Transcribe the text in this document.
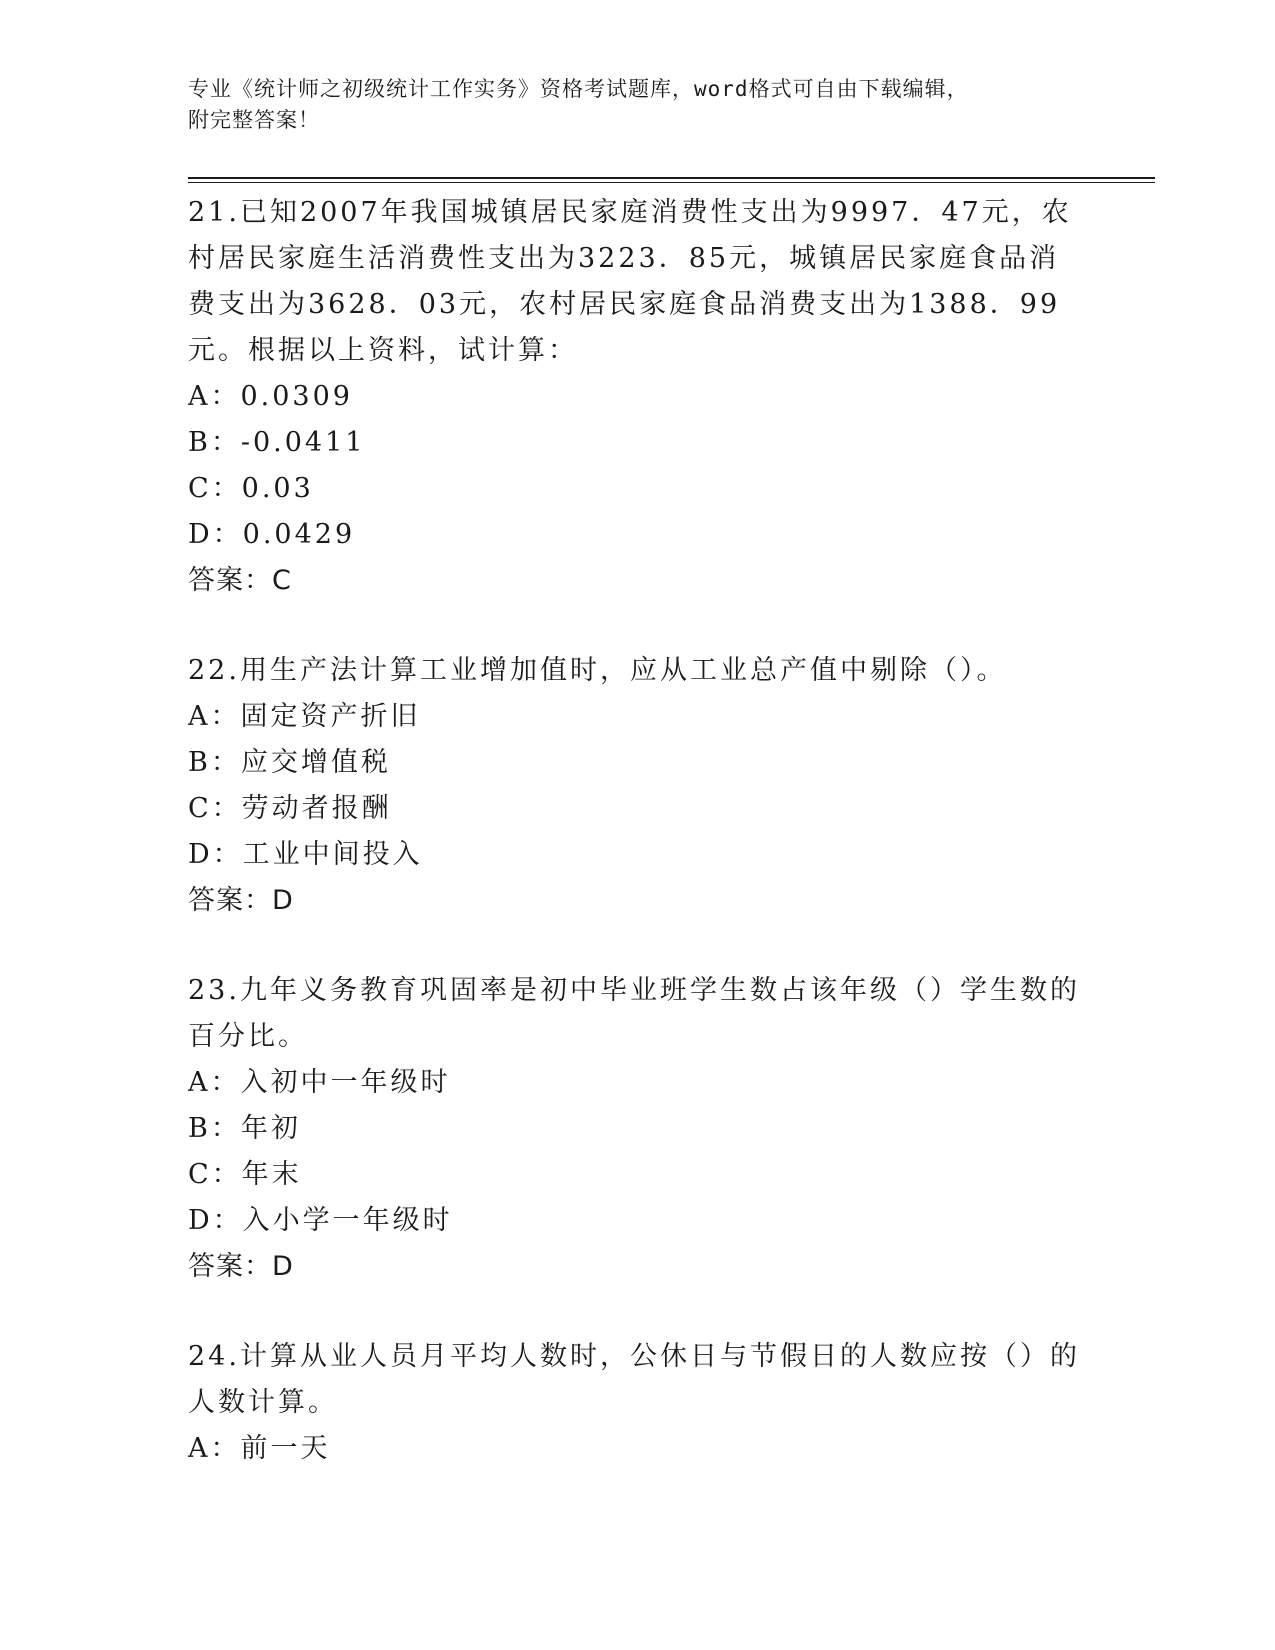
专业《统计师之初级统计工作实务》资格考试题库，word格式可自由下载编辑，
附完整答案！

21.已知2007年我国城镇居民家庭消费性支出为9997．47元，农村居民家庭生活消费性支出为3223．85元，城镇居民家庭食品消费支出为3628．03元，农村居民家庭食品消费支出为1388．99元。根据以上资料，试计算：

A：0.0309

B：-0.0411

C：0.03

D：0.0429

答案：C

22.用生产法计算工业增加值时，应从工业总产值中剔除（）。

A：固定资产折旧

B：应交增值税

C：劳动者报酬

D：工业中间投入

答案：D

23.九年义务教育巩固率是初中毕业班学生数占该年级（）学生数的百分比。

A：入初中一年级时

B：年初

C：年末

D：入小学一年级时

答案：D

24.计算从业人员月平均人数时，公休日与节假日的人数应按（）的人数计算。

A：前一天
